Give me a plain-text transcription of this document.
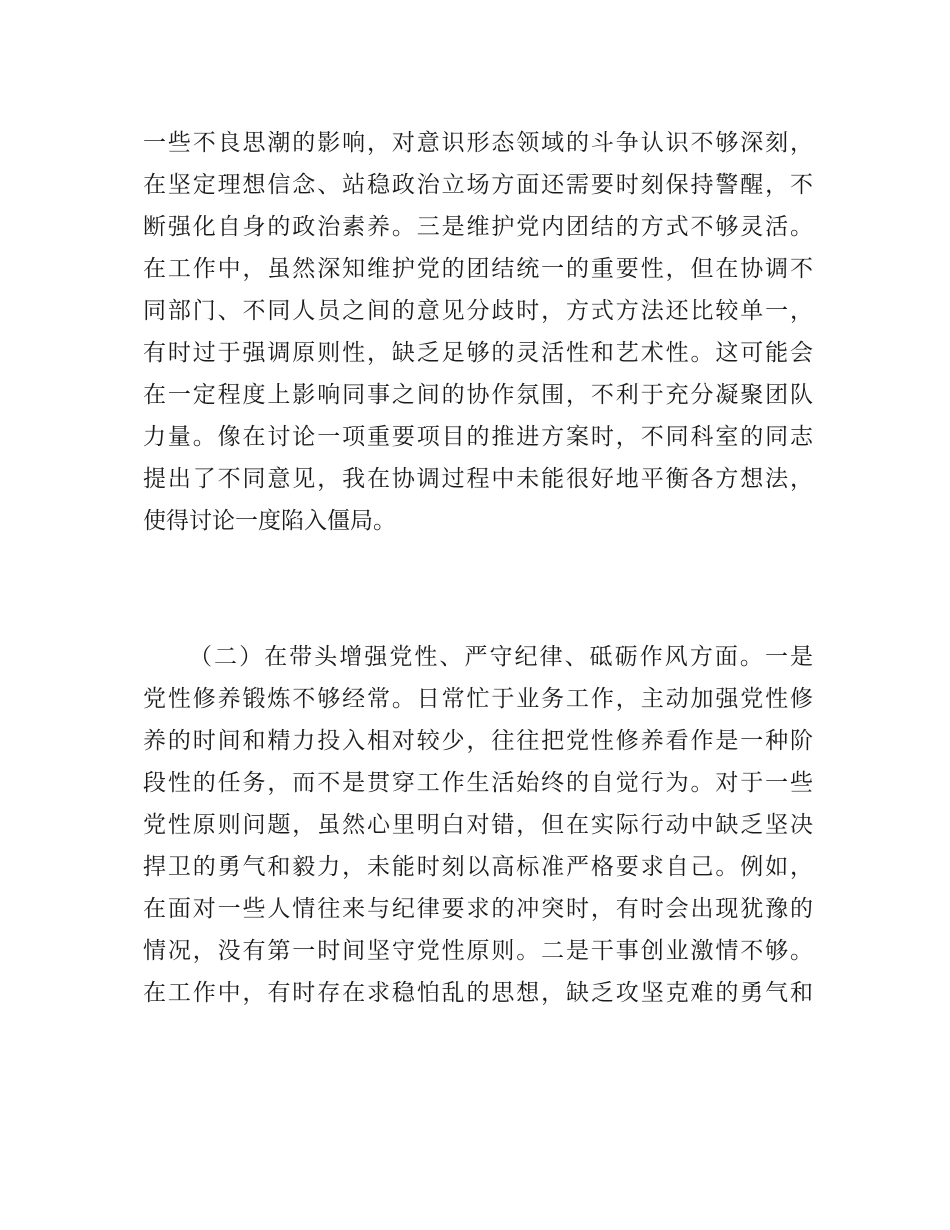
一些不良思潮的影响，对意识形态领域的斗争认识不够深刻，
在坚定理想信念、站稳政治立场方面还需要时刻保持警醒，不
断强化自身的政治素养。三是维护党内团结的方式不够灵活。
在工作中，虽然深知维护党的团结统一的重要性，但在协调不
同部门、不同人员之间的意见分歧时，方式方法还比较单一，
有时过于强调原则性，缺乏足够的灵活性和艺术性。这可能会
在一定程度上影响同事之间的协作氛围，不利于充分凝聚团队
力量。像在讨论一项重要项目的推进方案时，不同科室的同志
提出了不同意见，我在协调过程中未能很好地平衡各方想法，
使得讨论一度陷入僵局。
（二）在带头增强党性、严守纪律、砥砺作风方面。一是
党性修养锻炼不够经常。日常忙于业务工作，主动加强党性修
养的时间和精力投入相对较少，往往把党性修养看作是一种阶
段性的任务，而不是贯穿工作生活始终的自觉行为。对于一些
党性原则问题，虽然心里明白对错，但在实际行动中缺乏坚决
捍卫的勇气和毅力，未能时刻以高标准严格要求自己。例如，
在面对一些人情往来与纪律要求的冲突时，有时会出现犹豫的
情况，没有第一时间坚守党性原则。二是干事创业激情不够。
在工作中，有时存在求稳怕乱的思想，缺乏攻坚克难的勇气和
